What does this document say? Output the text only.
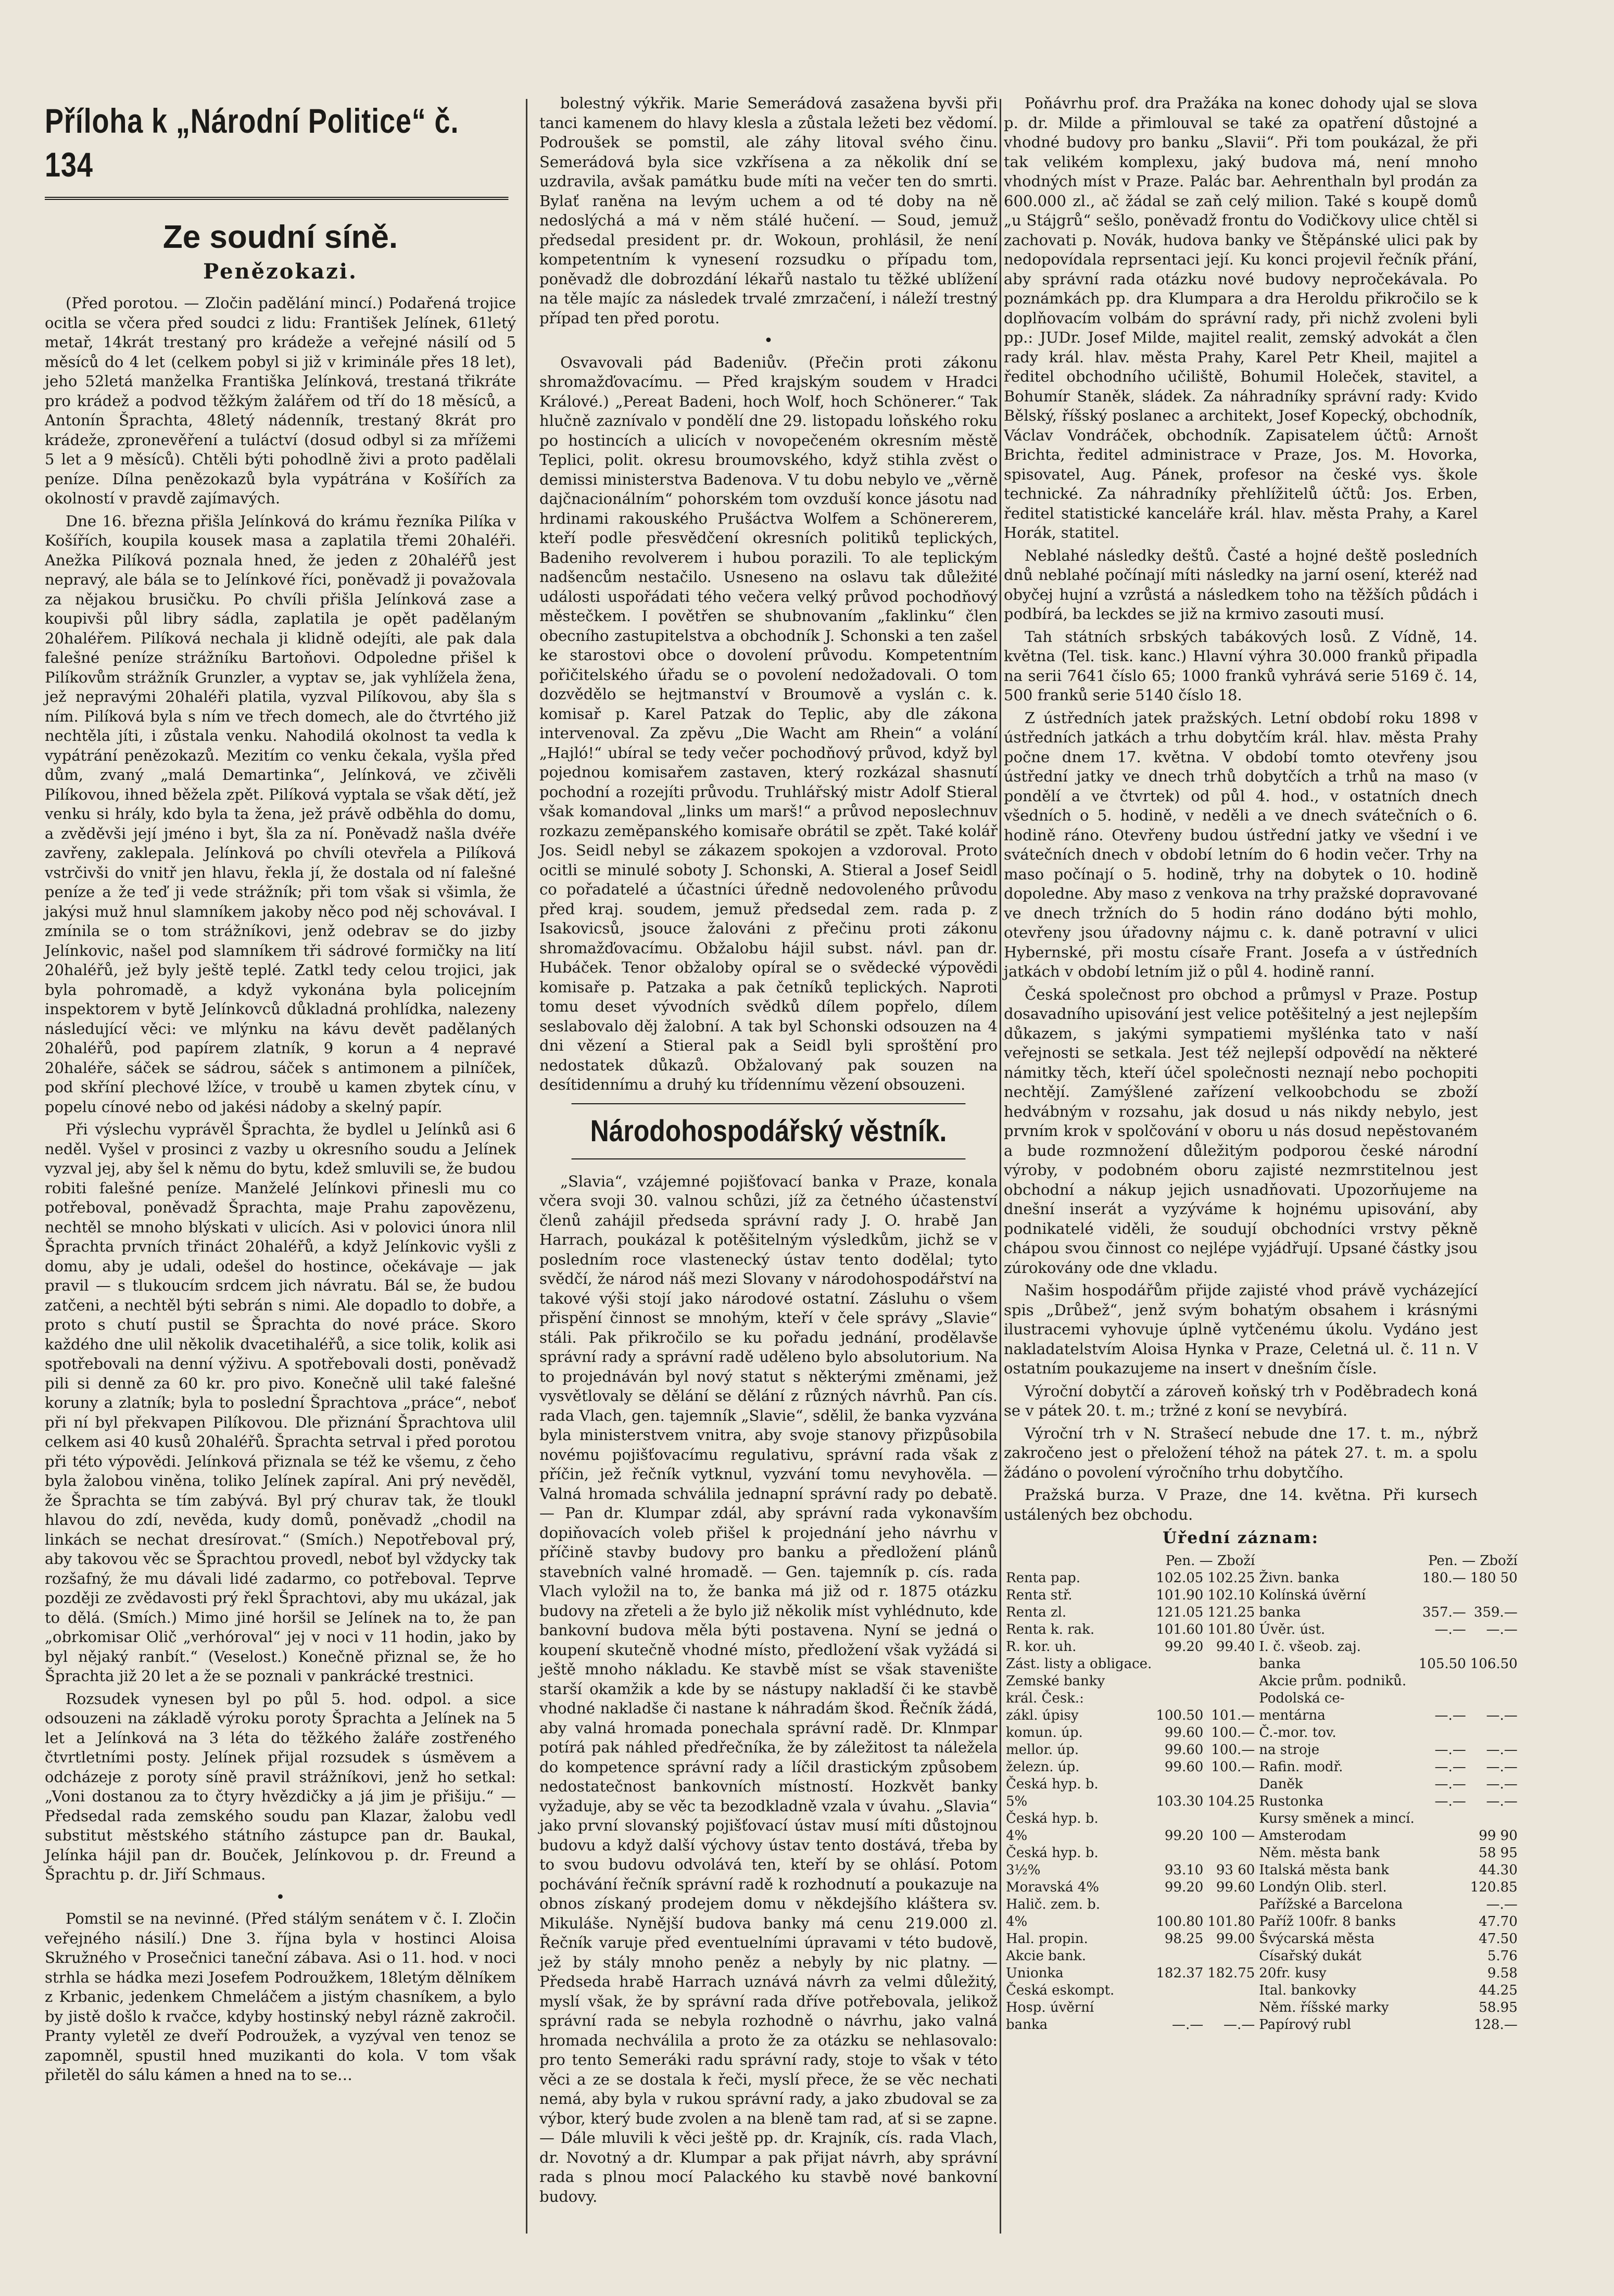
Příloha k „Národní Politice“ č. 134
Ze soudní síně.
Penězokazi.

(Před porotou. — Zločin padělání mincí.) Podařená trojice ocitla se včera před soudci z lidu: František Jelínek, 61letý metař, 14krát trestaný pro krádeže a veřejné násilí od 5 měsíců do 4 let (celkem pobyl si již v kriminále přes 18 let), jeho 52letá manželka Františka Jelínková, trestaná třikráte pro krádež a podvod těžkým žalářem od tří do 18 měsíců, a Antonín Šprachta, 48letý nádenník, trestaný 8krát pro krádeže, zpronevěření a tuláctví (dosud odbyl si za mřížemi 5 let a 9 měsíců). Chtěli býti pohodlně živi a proto padělali peníze. Dílna penězokazů byla vypátrána v Košířích za okolností v pravdě zajímavých.

Dne 16. března přišla Jelínková do krámu řezníka Pilíka v Košířích, koupila kousek masa a zaplatila třemi 20haléři. Anežka Pilíková poznala hned, že jeden z 20haléřů jest nepravý, ale bála se to Jelínkové říci, poněvadž ji považovala za nějakou brusičku. Po chvíli přišla Jelínková zase a koupivši půl libry sádla, zaplatila je opět padělaným 20haléřem. Pilíková nechala ji klidně odejíti, ale pak dala falešné peníze strážníku Bartoňovi. Odpoledne přišel k Pilíkovům strážník Grunzler, a vyptav se, jak vyhlížela žena, jež nepravými 20haléři platila, vyzval Pilíkovou, aby šla s ním. Pilíková byla s ním ve třech domech, ale do čtvrtého již nechtěla jíti, i zůstala venku. Nahodilá okolnost ta vedla k vypátrání penězokazů. Mezitím co venku čekala, vyšla před dům, zvaný „malá Demartinka“, Jelínková, ve zčivěli Pilíkovou, ihned běžela zpět. Pilíková vyptala se však dětí, jež venku si hrály, kdo byla ta žena, jež právě odběhla do domu, a zvěděvši její jméno i byt, šla za ní. Poněvadž našla dvéře zavřeny, zaklepala. Jelínková po chvíli otevřela a Pilíková vstrčivši do vnitř jen hlavu, řekla jí, že dostala od ní falešné peníze a že teď ji vede strážník; při tom však si všimla, že jakýsi muž hnul slamníkem jakoby něco pod něj schovával. I zmínila se o tom strážníkovi, jenž odebrav se do jizby Jelínkovic, našel pod slamníkem tři sádrové formičky na lití 20haléřů, jež byly ještě teplé. Zatkl tedy celou trojici, jak byla pohromadě, a když vykonána byla policejním inspektorem v bytě Jelínkovců důkladná prohlídka, nalezeny následující věci: ve mlýnku na kávu devět padělaných 20haléřů, pod papírem zlatník, 9 korun a 4 nepravé 20haléře, sáček se sádrou, sáček s antimonem a pilníček, pod skříní plechové lžíce, v troubě u kamen zbytek cínu, v popelu cínové nebo od jakési nádoby a skelný papír.

Při výslechu vyprávěl Šprachta, že bydlel u Jelínků asi 6 neděl. Vyšel v prosinci z vazby u okresního soudu a Jelínek vyzval jej, aby šel k němu do bytu, kdež smluvili se, že budou robiti falešné peníze. Manželé Jelínkovi přinesli mu co potřeboval, poněvadž Šprachta, maje Prahu zapovězenu, nechtěl se mnoho blýskati v ulicích. Asi v polovici února nlil Šprachta prvních třináct 20haléřů, a když Jelínkovic vyšli z domu, aby je udali, odešel do hostince, očekávaje — jak pravil — s tlukoucím srdcem jich návratu. Bál se, že budou zatčeni, a nechtěl býti sebrán s nimi. Ale dopadlo to dobře, a proto s chutí pustil se Šprachta do nové práce. Skoro každého dne ulil několik dvacetihaléřů, a sice tolik, kolik asi spotřebovali na denní výživu. A spotřebovali dosti, poněvadž pili si denně za 60 kr. pro pivo. Konečně ulil také falešné koruny a zlatník; byla to poslední Šprachtova „práce“, neboť při ní byl překvapen Pilíkovou. Dle přiznání Šprachtova ulil celkem asi 40 kusů 20haléřů. Šprachta setrval i před porotou při této výpovědi. Jelínková přiznala se též ke všemu, z čeho byla žalobou viněna, toliko Jelínek zapíral. Ani prý nevěděl, že Šprachta se tím zabývá. Byl prý churav tak, že tloukl hlavou do zdí, nevěda, kudy domů, poněvadž „chodil na linkách se nechat dresírovat.“ (Smích.) Nepotřeboval prý, aby takovou věc se Šprachtou provedl, neboť byl vždycky tak rozšafný, že mu dávali lidé zadarmo, co potřeboval. Teprve později ze zvědavosti prý řekl Šprachtovi, aby mu ukázal, jak to dělá. (Smích.) Mimo jiné horšil se Jelínek na to, že pan „obrkomisar Olič „verhóroval“ jej v noci v 11 hodin, jako by byl nějaký ranbít.“ (Veselost.) Konečně přiznal se, že ho Šprachta již 20 let a že se poznali v pankrácké trestnici.

Rozsudek vynesen byl po půl 5. hod. odpol. a sice odsouzeni na základě výroku poroty Šprachta a Jelínek na 5 let a Jelínková na 3 léta do těžkého žaláře zostřeného čtvrtletními posty. Jelínek přijal rozsudek s úsměvem a odcházeje z poroty síně pravil strážníkovi, jenž ho setkal: „Voni dostanou za to čtyry hvězdičky a já jim je přišiju.“ — Předsedal rada zemského soudu pan Klazar, žalobu vedl substitut městského státního zástupce pan dr. Baukal, Jelínka hájil pan dr. Bouček, Jelínkovou p. dr. Freund a Šprachtu p. dr. Jiří Schmaus.

•

Pomstil se na nevinné. (Před stálým senátem v č. I. Zločin veřejného násilí.) Dne 3. října byla v hostinci Aloisa Skružného v Prosečnici taneční zábava. Asi o 11. hod. v noci strhla se hádka mezi Josefem Podroužkem, 18letým dělníkem z Krbanic, jedenkem Chmeláčem a jistým chasníkem, a bylo by jistě došlo k rvačce, kdyby hostinský nebyl rázně zakročil. Pranty vyletěl ze dveří Podroužek, a vyzýval ven tenoz se zapomněl, spustil hned muzikanti do kola. V tom však přiletěl do sálu kámen a hned na to se…

bolestný výkřik. Marie Semerádová zasažena byvši při tanci kamenem do hlavy klesla a zůstala ležeti bez vědomí. Podroušek se pomstil, ale záhy litoval svého činu. Semerádová byla sice vzkřísena a za několik dní se uzdravila, avšak památku bude míti na večer ten do smrti. Bylať raněna na levým uchem a od té doby na ně nedoslýchá a má v něm stálé hučení. — Soud, jemuž předsedal president pr. dr. Wokoun, prohlásil, že není kompetentním k vynesení rozsudku o případu tom, poněvadž dle dobrozdání lékařů nastalo tu těžké ublížení na těle majíc za následek trvalé zmrzačení, i náleží trestný případ ten před porotu.

•

Osvavovali pád Badeniův. (Přečin proti zákonu shromažďovacímu. — Před krajským soudem v Hradci Králové.) „Pereat Badeni, hoch Wolf, hoch Schönerer.“ Tak hlučně zaznívalo v pondělí dne 29. listopadu loňského roku po hostincích a ulicích v novopečeném okresním městě Teplici, polit. okresu broumovského, když stihla zvěst o demissi ministerstva Badenova. V tu dobu nebylo ve „věrně dajčnacionálním“ pohorském tom ovzduší konce jásotu nad hrdinami rakouského Prušáctva Wolfem a Schönererem, kteří podle přesvědčení okresních politiků teplických, Badeniho revolverem i hubou porazili. To ale teplickým nadšencům nestačilo. Usneseno na oslavu tak důležité události uspořádati tého večera velký průvod pochodňový městečkem. I povětřen se shubnovaním „faklinku“ člen obecního zastupitelstva a obchodník J. Schonski a ten zašel ke starostovi obce o dovolení průvodu. Kompetentním pořičitelského úřadu se o povolení nedožadovali. O tom dozvědělo se hejtmanství v Broumově a vyslán c. k. komisař p. Karel Patzak do Teplic, aby dle zákona intervenoval. Za zpěvu „Die Wacht am Rhein“ a volání „Hajló!“ ubíral se tedy večer pochodňový průvod, když byl pojednou komisařem zastaven, který rozkázal shasnutí pochodní a rozejíti průvodu. Truhlářský mistr Adolf Stieral však komandoval „links um marš!“ a průvod neposlechnuv rozkazu zeměpanského komisaře obrátil se zpět. Také kolář Jos. Seidl nebyl se zákazem spokojen a vzdoroval. Proto ocitli se minulé soboty J. Schonski, A. Stieral a Josef Seidl co pořadatelé a účastníci úředně nedovoleného průvodu před kraj. soudem, jemuž předsedal zem. rada p. z Isakovicsů, jsouce žalováni z přečinu proti zákonu shromažďovacímu. Obžalobu hájil subst. návl. pan dr. Hubáček. Tenor obžaloby opíral se o svědecké výpovědi komisaře p. Patzaka a pak četníků teplických. Naproti tomu deset vývodních svědků dílem popřelo, dílem seslabovalo děj žalobní. A tak byl Schonski odsouzen na 4 dni vězení a Stieral pak a Seidl byli sproštění pro nedostatek důkazů. Obžalovaný pak souzen na desítidennímu a druhý ku třídennímu vězení obsouzeni.

Národohospodářský věstník.

„Slavia“, vzájemné pojišťovací banka v Praze, konala včera svoji 30. valnou schůzi, jíž za četného účastenství členů zahájil předseda správní rady J. O. hrabě Jan Harrach, poukázal k potěšitelným výsledkům, jichž se v posledním roce vlastenecký ústav tento dodělal; tyto svědčí, že národ náš mezi Slovany v národohospodářství na takové výši stojí jako národové ostatní. Zásluhu o všem přispění činnost se mnohým, kteří v čele správy „Slavie“ stáli. Pak přikročilo se ku pořadu jednání, prodělavše správní rady a správní radě uděleno bylo absolutorium. Na to projednáván byl nový statut s některými změnami, jež vysvětlovaly se dělání se dělání z různých návrhů. Pan cís. rada Vlach, gen. tajemník „Slavie“, sdělil, že banka vyzvána byla ministerstvem vnitra, aby svoje stanovy přizpůsobila novému pojišťovacímu regulativu, správní rada však z příčin, jež řečník vytknul, vyzvání tomu nevyhověla. — Valná hromada schválila jednapní správní rady po debatě. — Pan dr. Klumpar zdál, aby správní rada vykonavším dopiňovacích voleb přišel k projednání jeho návrhu v příčině stavby budovy pro banku a předložení plánů stavebních valné hromadě. — Gen. tajemník p. cís. rada Vlach vyložil na to, že banka má již od r. 1875 otázku budovy na zřeteli a že bylo již několik míst vyhlédnuto, kde bankovní budova měla býti postavena. Nyní se jedná o koupení skutečně vhodné místo, předložení však vyžádá si ještě mnoho nákladu. Ke stavbě míst se však stavenište starší okamžik a kde by se nástupy nakladší či ke stavbě vhodné nakladše či nastane k náhradám škod. Řečník žádá, aby valná hromada ponechala správní radě. Dr. Klnmpar potírá pak náhled předřečníka, že by záležitost ta náležela do kompetence správní rady a líčil drastickým způsobem nedostatečnost bankovních místností. Hozkvět banky vyžaduje, aby se věc ta bezodkladně vzala v úvahu. „Slavia“ jako první slovanský pojišťovací ústav musí míti důstojnou budovu a když další výchovy ústav tento dostává, třeba by to svou budovu odvolává ten, kteří by se ohlásí. Potom pochávání řečník správní radě k rozhodnutí a poukazuje na obnos získaný prodejem domu v někdejšího kláštera sv. Mikuláše. Nynější budova banky má cenu 219.000 zl. Řečník varuje před eventuelními úpravami v této budově, jež by stály mnoho peněz a nebyly by nic platny. — Předseda hrabě Harrach uznává návrh za velmi důležitý, myslí však, že by správní rada dříve potřebovala, jelikož správní rada se nebyla rozhodně o návrhu, jako valná hromada nechválila a proto že za otázku se nehlasovalo: pro tento Semeráki radu správní rady, stoje to však v této věci a ze se dostala k řeči, myslí přece, že se věc nechati nemá, aby byla v rukou správní rady, a jako zbudoval se za výbor, který bude zvolen a na bleně tam rad, ať si se zapne. — Dále mluvili k věci ještě pp. dr. Krajník, cís. rada Vlach, dr. Novotný a dr. Klumpar a pak přijat návrh, aby správní rada s plnou mocí Palackého ku stavbě nové bankovní budovy.

Poňávrhu prof. dra Pražáka na konec dohody ujal se slova p. dr. Milde a přimlouval se také za opatření důstojné a vhodné budovy pro banku „Slavii“. Při tom poukázal, že při tak velikém komplexu, jaký budova má, není mnoho vhodných míst v Praze. Palác bar. Aehrenthaln byl prodán za 600.000 zl., ač žádal se zaň celý milion. Také s koupě domů „u Stájgrů“ sešlo, poněvadž frontu do Vodičkovy ulice chtěl si zachovati p. Novák, hudova banky ve Štěpánské ulici pak by nedopovídala reprsentaci její. Ku konci projevil řečník přání, aby správní rada otázku nové budovy nepročekávala. Po poznámkách pp. dra Klumpara a dra Heroldu přikročilo se k doplňovacím volbám do správní rady, při nichž zvoleni byli pp.: JUDr. Josef Milde, majitel realit, zemský advokát a člen rady král. hlav. města Prahy, Karel Petr Kheil, majitel a ředitel obchodního učiliště, Bohumil Holeček, stavitel, a Bohumír Staněk, sládek. Za náhradníky správní rady: Kvido Bělský, říšský poslanec a architekt, Josef Kopecký, obchodník, Václav Vondráček, obchodník. Zapisatelem účtů: Arnošt Brichta, ředitel administrace v Praze, Jos. M. Hovorka, spisovatel, Aug. Pánek, profesor na české vys. škole technické. Za náhradníky přehlížitelů účtů: Jos. Erben, ředitel statistické kanceláře král. hlav. města Prahy, a Karel Horák, statitel.

Neblahé následky deštů. Časté a hojné deště posledních dnů neblahé počínají míti následky na jarní osení, kteréž nad obyčej hujní a vzrůstá a následkem toho na těžších půdách i podbírá, ba leckdes se již na krmivo zasouti musí.

Tah státních srbských tabákových losů. Z Vídně, 14. května (Tel. tisk. kanc.) Hlavní výhra 30.000 franků připadla na serii 7641 číslo 65; 1000 franků vyhrává serie 5169 č. 14, 500 franků serie 5140 číslo 18.

Z ústředních jatek pražských. Letní období roku 1898 v ústředních jatkách a trhu dobytčím král. hlav. města Prahy počne dnem 17. května. V období tomto otevřeny jsou ústřední jatky ve dnech trhů dobytčích a trhů na maso (v pondělí a ve čtvrtek) od půl 4. hod., v ostatních dnech všedních o 5. hodině, v neděli a ve dnech svátečních o 6. hodině ráno. Otevřeny budou ústřední jatky ve všední i ve svátečních dnech v období letním do 6 hodin večer. Trhy na maso počínají o 5. hodině, trhy na dobytek o 10. hodině dopoledne. Aby maso z venkova na trhy pražské dopravované ve dnech tržních do 5 hodin ráno dodáno býti mohlo, otevřeny jsou úřadovny nájmu c. k. daně potravní v ulici Hybernské, při mostu císaře Frant. Josefa a v ústředních jatkách v období letním již o půl 4. hodině ranní.

Česká společnost pro obchod a průmysl v Praze. Postup dosavadního upisování jest velice potěšitelný a jest nejlepším důkazem, s jakými sympatiemi myšlénka tato v naší veřejnosti se setkala. Jest též nejlepší odpovědí na některé námitky těch, kteří účel společnosti neznají nebo pochopiti nechtějí. Zamýšlené zařízení velkoobchodu se zboží hedvábným v rozsahu, jak dosud u nás nikdy nebylo, jest prvním krok v spolčování v oboru u nás dosud nepěstovaném a bude rozmnožení důležitým podporou české národní výroby, v podobném oboru zajisté nezmrstitelnou jest obchodní a nákup jejich usnadňovati. Upozorňujeme na dnešní inserát a vyzýváme k hojnému upisování, aby podnikatelé viděli, že soudují obchodníci vrstvy pěkně chápou svou činnost co nejlépe vyjádřují. Upsané částky jsou zúrokovány ode dne vkladu.

Našim hospodářům přijde zajisté vhod právě vycházející spis „Drůbež“, jenž svým bohatým obsahem i krásnými ilustracemi vyhovuje úplně vytčenému úkolu. Vydáno jest nakladatelstvím Aloisa Hynka v Praze, Celetná ul. č. 11 n. V ostatním poukazujeme na insert v dnešním čísle.

Výroční dobytčí a zároveň koňský trh v Poděbradech koná se v pátek 20. t. m.; tržné z koní se nevybírá.

Výroční trh v N. Strašecí nebude dne 17. t. m., nýbrž zakročeno jest o přeložení téhož na pátek 27. t. m. a spolu žádáno o povolení výročního trhu dobytčího.

Pražská burza. V Praze, dne 14. května. Při kursech ustálených bez obchodu.

Úřední záznam:
	Pen. — Zboží			Pen. — Zboží	
Renta pap.	102.05	102.25	Živn. banka	180.—	180 50
Renta stř.	101.90	102.10	Kolínská úvěrní		
Renta zl.	121.05	121.25	banka	357.—	359.—
Renta k. rak.	101.60	101.80	Úvěr. úst.	—.—	—.—
R. kor. uh.	99.20	99.40	I. č. všeob. zaj.		
Zást. listy a obligace.			banka	105.50	106.50
Zemské banky			Akcie prům. podniků.		
král. Česk.:			Podolská ce-		
zákl. úpisy	100.50	101.—	mentárna	—.—	—.—
komun. úp.	99.60	100.—	Č.-mor. tov.		
mellor. úp.	99.60	100.—	na stroje	—.—	—.—
železn. úp.	99.60	100.—	Rafin. modř.	—.—	—.—
Česká hyp. b.			Daněk	—.—	—.—
5%	103.30	104.25	Rustonka	—.—	—.—
Česká hyp. b.			Kursy směnek a mincí.		
4%	99.20	100 —	Amsterodam		99 90
Česká hyp. b.			Něm. města bank		58 95
3½%	93.10	93 60	Italská města bank		44.30
Moravská 4%	99.20	99.60	Londýn Olib. sterl.		120.85
Halič. zem. b.			Pařížské a Barcelona		—.—
4%	100.80	101.80	Paříž 100fr. 8 banks		47.70
Hal. propin.	98.25	99.00	Švýcarská města		47.50
Akcie bank.			Císařský dukát		5.76
Unionka	182.37	182.75	20fr. kusy		9.58
Česká eskompt.			Ital. bankovky		44.25
Hosp. úvěrní			Něm. říšské marky		58.95
banka	—.—	—.—	Papírový rubl		128.—
